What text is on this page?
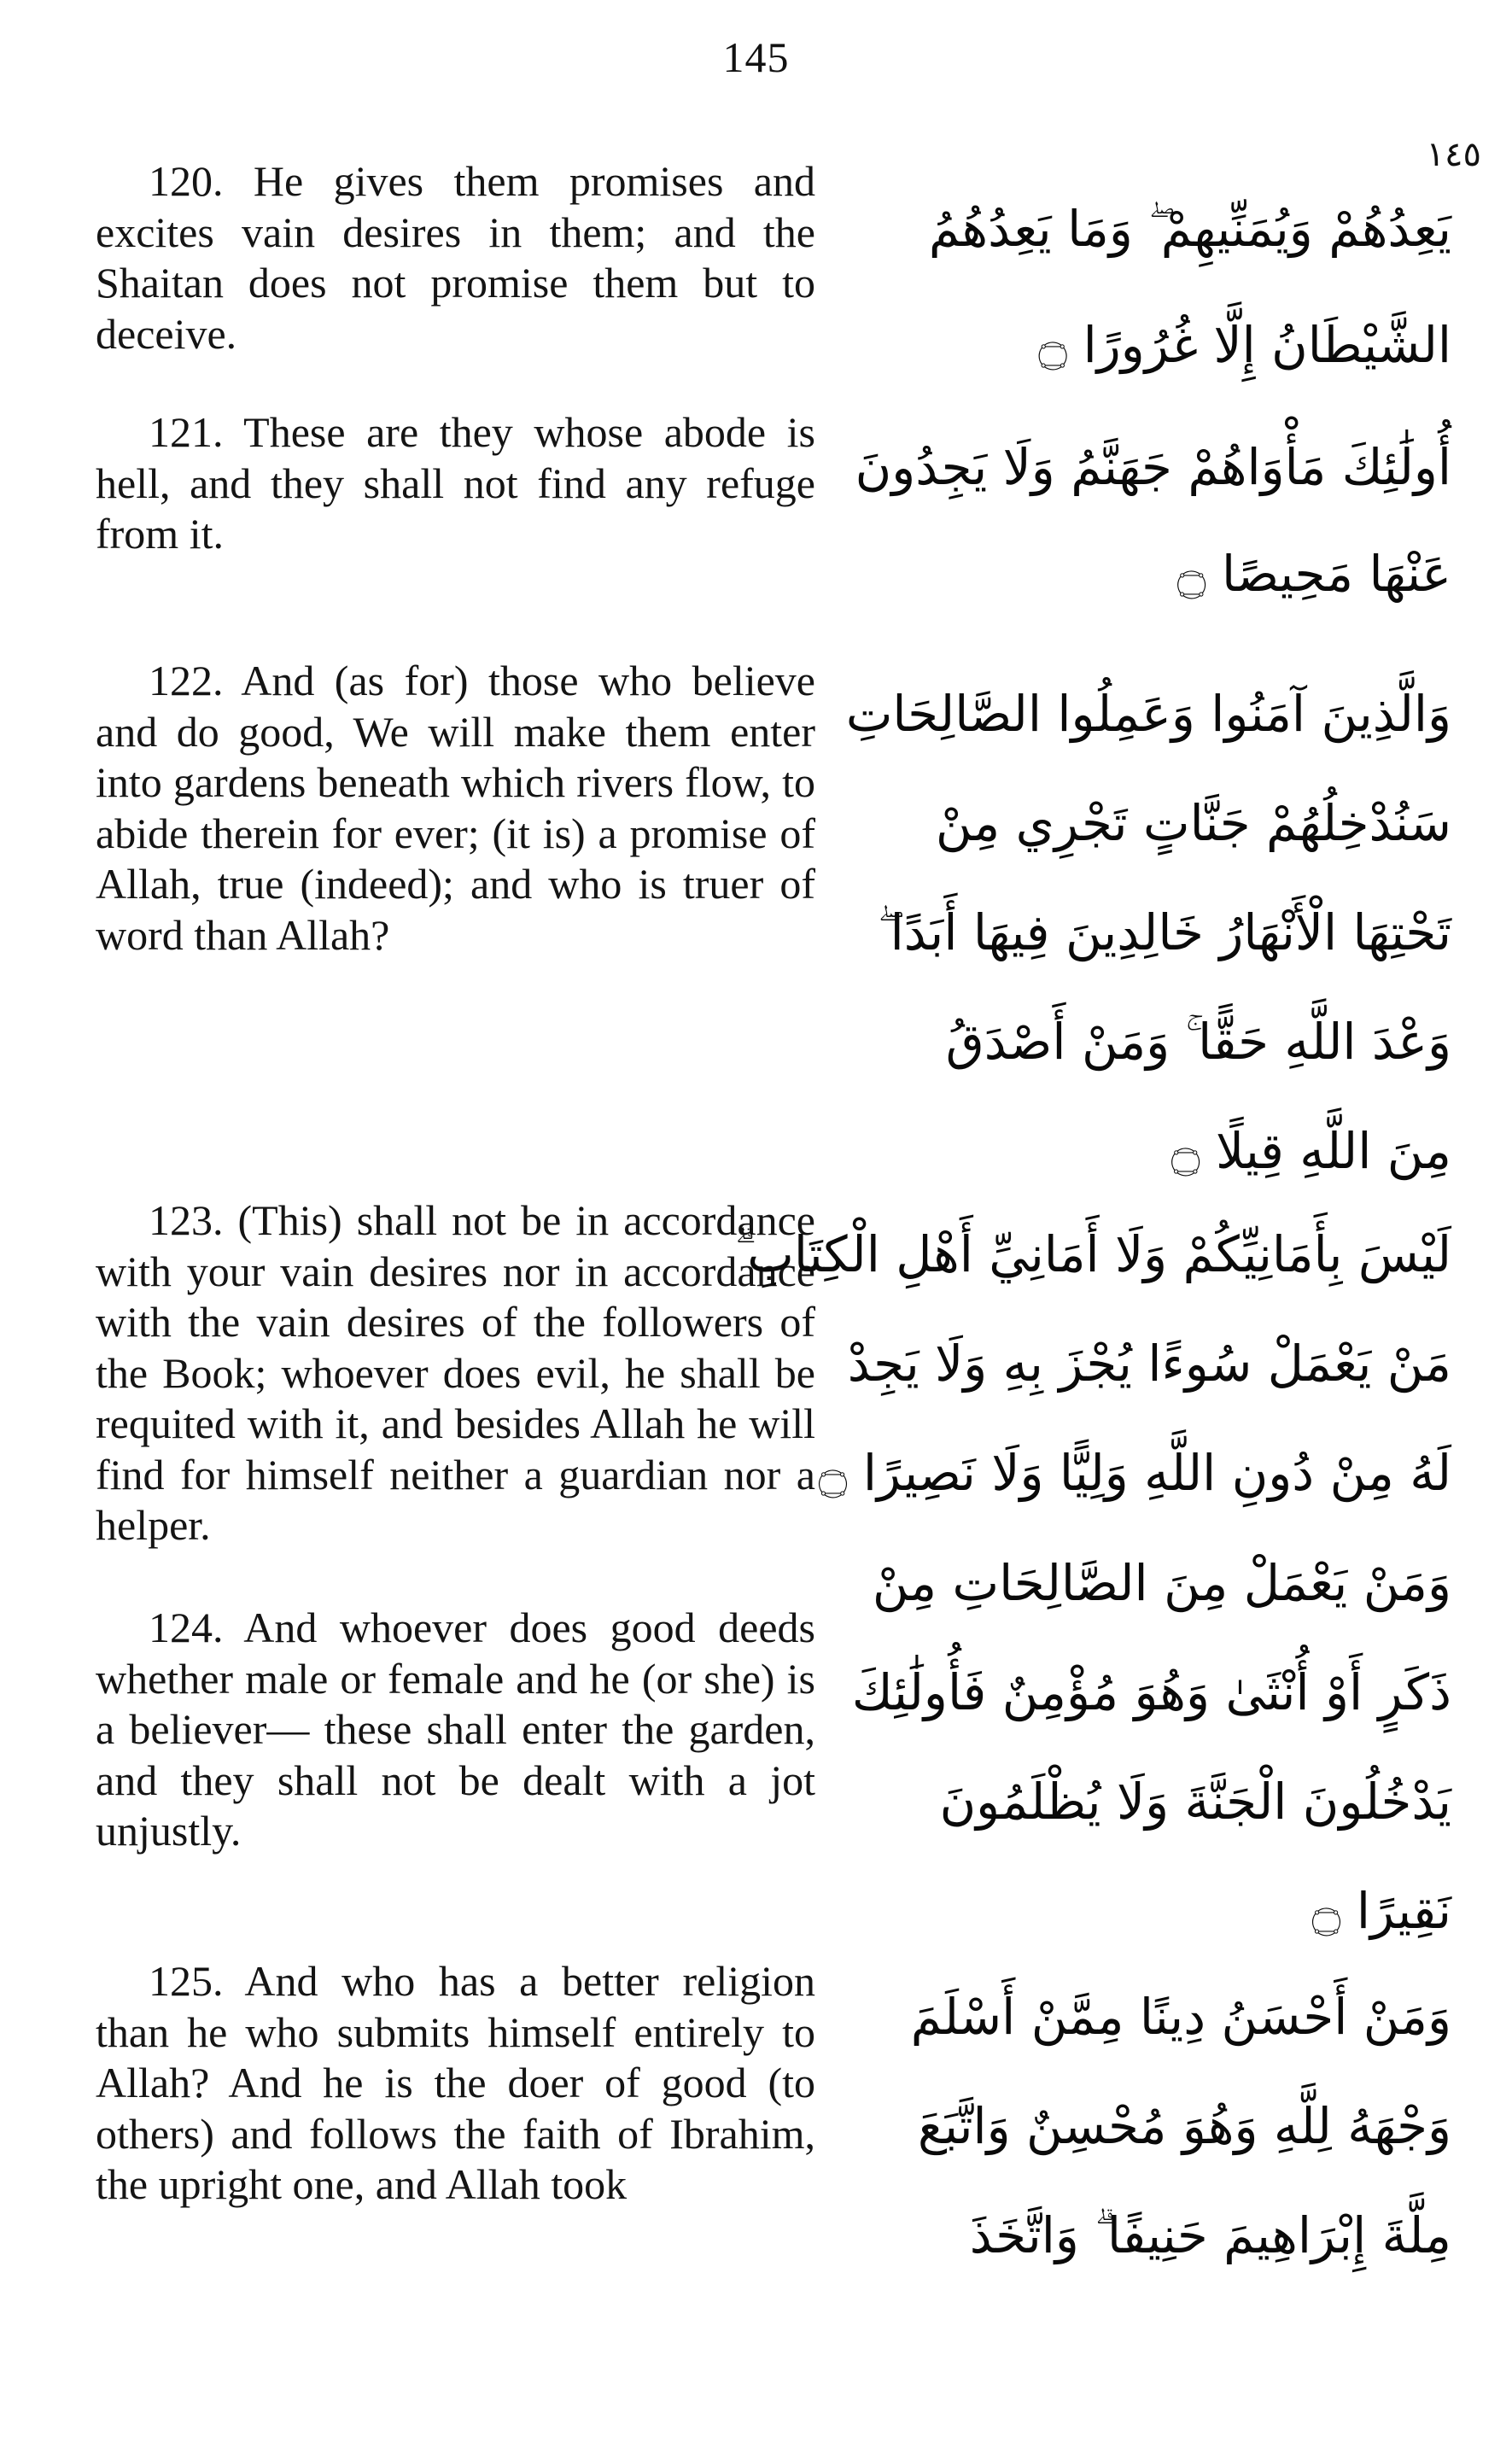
145
١٤٥

120. He gives them promises and excites vain desires in them; and the Shaitan does not promise them but to deceive.

يَعِدُهُمْ وَيُمَنِّيهِمْ ۖ وَمَا يَعِدُهُمُ
الشَّيْطَانُ إِلَّا غُرُورًا ۝

121. These are they whose abode is hell, and they shall not find any refuge from it.

أُولَٰئِكَ مَأْوَاهُمْ جَهَنَّمُ وَلَا يَجِدُونَ
عَنْهَا مَحِيصًا ۝

122. And (as for) those who believe and do good, We will make them enter into gardens beneath which rivers flow, to abide therein for ever; (it is) a promise of Allah, true (indeed); and who is truer of word than Allah?

وَالَّذِينَ آمَنُوا وَعَمِلُوا الصَّالِحَاتِ
سَنُدْخِلُهُمْ جَنَّاتٍ تَجْرِي مِنْ
تَحْتِهَا الْأَنْهَارُ خَالِدِينَ فِيهَا أَبَدًا ۖ
وَعْدَ اللَّهِ حَقًّا ۚ وَمَنْ أَصْدَقُ
مِنَ اللَّهِ قِيلًا ۝

123. (This) shall not be in accordance with your vain desires nor in accordance with the vain desires of the followers of the Book; whoever does evil, he shall be requited with it, and besides Allah he will find for himself neither a guardian nor a helper.

لَيْسَ بِأَمَانِيِّكُمْ وَلَا أَمَانِيِّ أَهْلِ الْكِتَابِ ۗ
مَنْ يَعْمَلْ سُوءًا يُجْزَ بِهِ وَلَا يَجِدْ
لَهُ مِنْ دُونِ اللَّهِ وَلِيًّا وَلَا نَصِيرًا ۝

124. And whoever does good deeds whether male or female and he (or she) is a believer— these shall enter the garden, and they shall not be dealt with a jot unjustly.

وَمَنْ يَعْمَلْ مِنَ الصَّالِحَاتِ مِنْ
ذَكَرٍ أَوْ أُنْثَىٰ وَهُوَ مُؤْمِنٌ فَأُولَٰئِكَ
يَدْخُلُونَ الْجَنَّةَ وَلَا يُظْلَمُونَ
نَقِيرًا ۝

125. And who has a better religion than he who submits himself entirely to Allah? And he is the doer of good (to others) and follows the faith of Ibrahim, the upright one, and Allah took

وَمَنْ أَحْسَنُ دِينًا مِمَّنْ أَسْلَمَ
وَجْهَهُ لِلَّهِ وَهُوَ مُحْسِنٌ وَاتَّبَعَ
مِلَّةَ إِبْرَاهِيمَ حَنِيفًا ۗ وَاتَّخَذَ
